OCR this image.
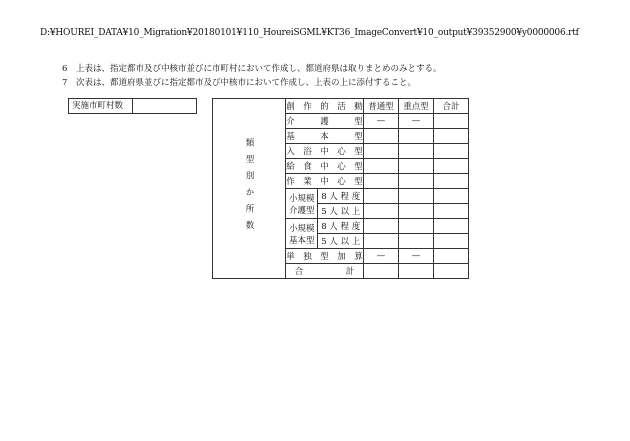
D:¥HOUREI_DATA¥10_Migration¥20180101¥110_HoureiSGML¥KT36_ImageConvert¥10_output¥39352900¥y0000006.rtf
6 上表は、指定都市及び中核市並びに市町村において作成し、都道府県は取りまとめのみとする。
7 次表は、都道府県並びに指定都市及び中核市において作成し、上表の上に添付すること。
実施市町村数
類型別か所数	創　作　的　活　動		普通型	重点型	合計
	介　　　護　　　型		—	—	
	基　　　本　　　型				
	入　浴　中　心　型				
	給　食　中　心　型				
	作　業　中　心　型				
	小規模介護型	8 人 程 度			
		5 人 以 上			
	小規模基本型	8 人 程 度			
		5 人 以 上			
	単　独　型　加　算		—	—	
	合　　　　　計				
